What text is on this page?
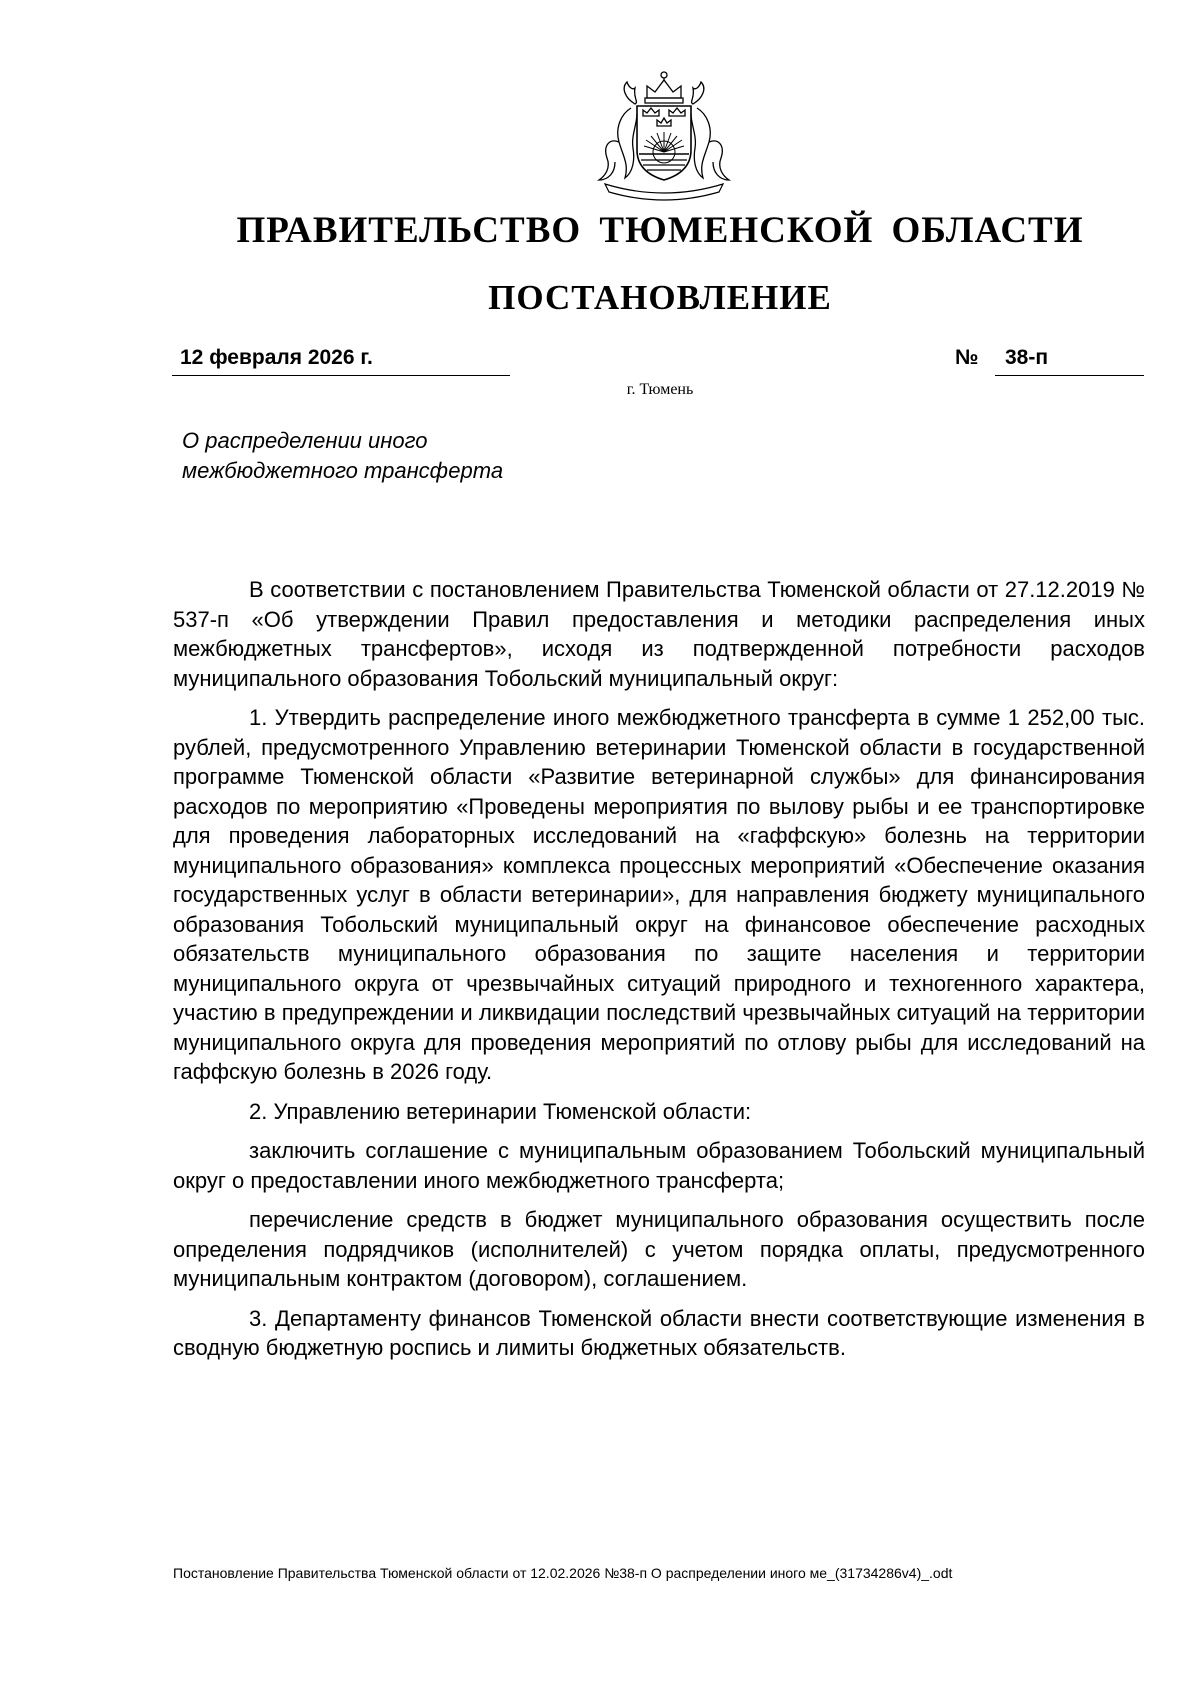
ПРАВИТЕЛЬСТВО ТЮМЕНСКОЙ ОБЛАСТИ
ПОСТАНОВЛЕНИЕ
12 февраля 2026 г.	№	38-п
г. Тюмень
О распределении иного
межбюджетного трансферта

В соответствии с постановлением Правительства Тюменской области от 27.12.2019 № 537-п «Об утверждении Правил предоставления и методики распределения иных межбюджетных трансфертов», исходя из подтвержденной потребности расходов муниципального образования Тобольский муниципальный округ:

1. Утвердить распределение иного межбюджетного трансферта в сумме 1 252,00 тыс. рублей, предусмотренного Управлению ветеринарии Тюменской области в государственной программе Тюменской области «Развитие ветеринарной службы» для финансирования расходов по мероприятию «Проведены мероприятия по вылову рыбы и ее транспортировке для проведения лабораторных исследований на «гаффскую» болезнь на территории муниципального образования» комплекса процессных мероприятий «Обеспечение оказания государственных услуг в области ветеринарии», для направления бюджету муниципального образования Тобольский муниципальный округ на финансовое обеспечение расходных обязательств муниципального образования по защите населения и территории муниципального округа от чрезвычайных ситуаций природного и техногенного характера, участию в предупреждении и ликвидации последствий чрезвычайных ситуаций на территории муниципального округа для проведения мероприятий по отлову рыбы для исследований на гаффскую болезнь в 2026 году.

2. Управлению ветеринарии Тюменской области:

заключить соглашение с муниципальным образованием Тобольский муниципальный округ о предоставлении иного межбюджетного трансферта;

перечисление средств в бюджет муниципального образования осуществить после определения подрядчиков (исполнителей) с учетом порядка оплаты, предусмотренного муниципальным контрактом (договором), соглашением.

3. Департаменту финансов Тюменской области внести соответствующие изменения в сводную бюджетную роспись и лимиты бюджетных обязательств.

Постановление Правительства Тюменской области от 12.02.2026 №38-п О распределении иного ме_(31734286v4)_.odt
